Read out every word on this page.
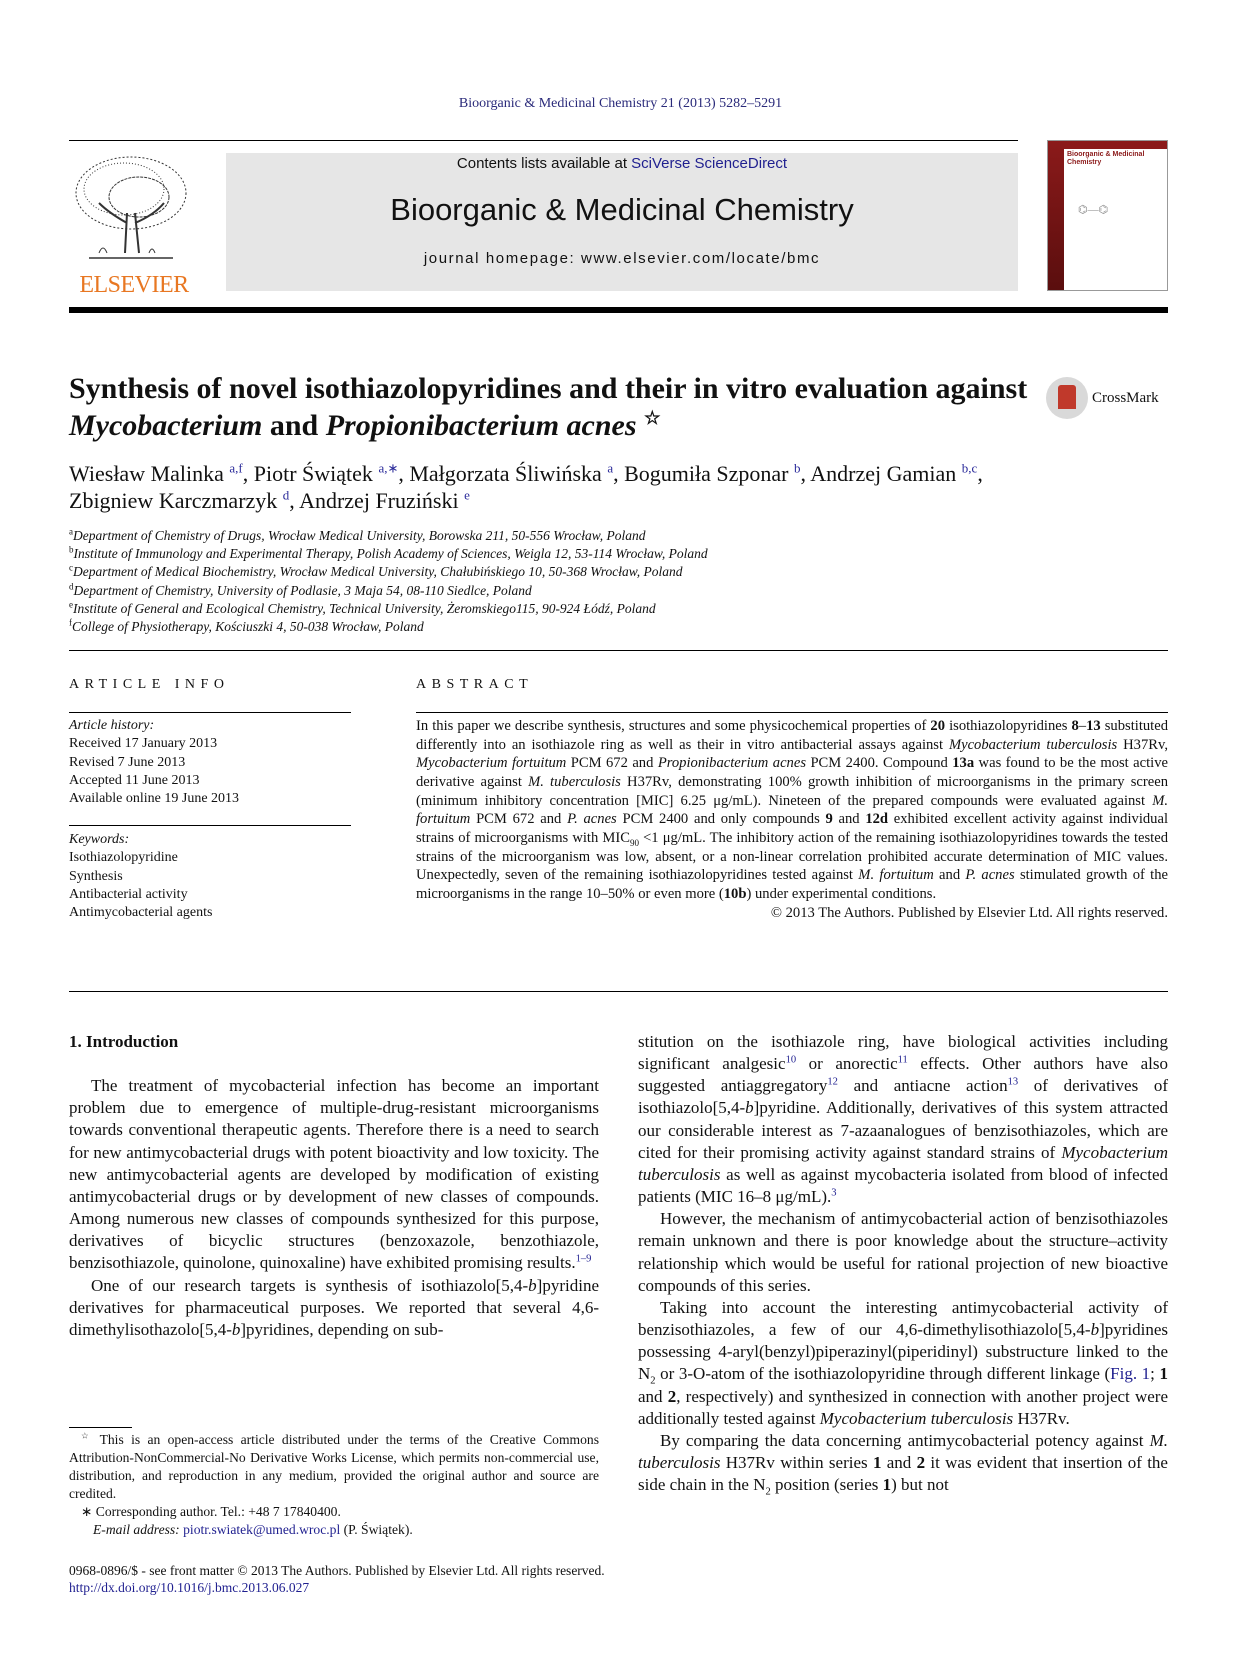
Bioorganic & Medicinal Chemistry 21 (2013) 5282–5291
ELSEVIER
Contents lists available at SciVerse ScienceDirect
Bioorganic & Medicinal Chemistry
journal homepage: www.elsevier.com/locate/bmc
Bioorganic & Medicinal Chemistry
⌬—⌬
Synthesis of novel isothiazolopyridines and their in vitro evaluation against Mycobacterium and Propionibacterium acnes ☆
CrossMark
Wiesław Malinka $^{a,f}$, Piotr Świątek $^{a,∗}$, Małgorzata Śliwińska $^a$, Bogumiła Szponar $^b$, Andrzej Gamian $^{b,c}$,
Zbigniew Karczmarzyk $^d$, Andrzej Fruziński $^e$
$^a$Department of Chemistry of Drugs, Wrocław Medical University, Borowska 211, 50-556 Wrocław, Poland
$^b$Institute of Immunology and Experimental Therapy, Polish Academy of Sciences, Weigla 12, 53-114 Wrocław, Poland
$^c$Department of Medical Biochemistry, Wrocław Medical University, Chałubińskiego 10, 50-368 Wrocław, Poland
$^d$Department of Chemistry, University of Podlasie, 3 Maja 54, 08-110 Siedlce, Poland
$^e$Institute of General and Ecological Chemistry, Technical University, Żeromskiego115, 90-924 Łódź, Poland
$^f$College of Physiotherapy, Kościuszki 4, 50-038 Wrocław, Poland
ARTICLE INFO	ABSTRACT
Article history:
Received 17 January 2013
Revised 7 June 2013
Accepted 11 June 2013
Available online 19 June 2013
Keywords:
Isothiazolopyridine
Synthesis
Antibacterial activity
Antimycobacterial agents
In this paper we describe synthesis, structures and some physicochemical properties of 20 isothiazolopyridines 8–13 substituted differently into an isothiazole ring as well as their in vitro antibacterial assays against Mycobacterium tuberculosis H37Rv, Mycobacterium fortuitum PCM 672 and Propionibacterium acnes PCM 2400. Compound 13a was found to be the most active derivative against M. tuberculosis H37Rv, demonstrating 100% growth inhibition of microorganisms in the primary screen (minimum inhibitory concentration [MIC] 6.25 μg/mL). Nineteen of the prepared compounds were evaluated against M. fortuitum PCM 672 and P. acnes PCM 2400 and only compounds 9 and 12d exhibited excellent activity against individual strains of microorganisms with $MIC_{90} <1$ μg/mL. The inhibitory action of the remaining isothiazolopyridines towards the tested strains of the microorganism was low, absent, or a non-linear correlation prohibited accurate determination of MIC values. Unexpectedly, seven of the remaining isothiazolopyridines tested against M. fortuitum and P. acnes stimulated growth of the microorganisms in the range 10–50% or even more (10b) under experimental conditions.
© 2013 The Authors. Published by Elsevier Ltd. All rights reserved.
1. Introduction

The treatment of mycobacterial infection has become an important problem due to emergence of multiple-drug-resistant microorganisms towards conventional therapeutic agents. Therefore there is a need to search for new antimycobacterial drugs with potent bioactivity and low toxicity. The new antimycobacterial agents are developed by modification of existing antimycobacterial drugs or by development of new classes of compounds. Among numerous new classes of compounds synthesized for this purpose, derivatives of bicyclic structures (benzoxazole, benzothiazole, benzisothiazole, quinolone, quinoxaline) have exhibited promising results.$^{1-9}$

One of our research targets is synthesis of isothiazolo[5,4-b]pyridine derivatives for pharmaceutical purposes. We reported that several 4,6-dimethylisothazolo[5,4-b]pyridines, depending on sub-

stitution on the isothiazole ring, have biological activities including significant analgesic$^{10}$ or anorectic$^{11}$ effects. Other authors have also suggested antiaggregatory$^{12}$ and antiacne action$^{13}$ of derivatives of isothiazolo[5,4-b]pyridine. Additionally, derivatives of this system attracted our considerable interest as 7-azaanalogues of benzisothiazoles, which are cited for their promising activity against standard strains of Mycobacterium tuberculosis as well as against mycobacteria isolated from blood of infected patients (MIC 16–8 μg/mL).$^3$

However, the mechanism of antimycobacterial action of benzisothiazoles remain unknown and there is poor knowledge about the structure–activity relationship which would be useful for rational projection of new bioactive compounds of this series.

Taking into account the interesting antimycobacterial activity of benzisothiazoles, a few of our 4,6-dimethylisothiazolo[5,4-b]pyridines possessing 4-aryl(benzyl)piperazinyl(piperidinyl) substructure linked to the $N_2$ or 3-O-atom of the isothiazolopyridine through different linkage (Fig. 1; 1 and 2, respectively) and synthesized in connection with another project were additionally tested against Mycobacterium tuberculosis H37Rv.

By comparing the data concerning antimycobacterial potency against M. tuberculosis H37Rv within series 1 and 2 it was evident that insertion of the side chain in the $N_2$ position (series 1) but not

☆ This is an open-access article distributed under the terms of the Creative Commons Attribution-NonCommercial-No Derivative Works License, which permits non-commercial use, distribution, and reproduction in any medium, provided the original author and source are credited.

∗ Corresponding author. Tel.: +48 7 17840400.

E-mail address: piotr.swiatek@umed.wroc.pl (P. Świątek).

0968-0896/$ - see front matter © 2013 The Authors. Published by Elsevier Ltd. All rights reserved.
http://dx.doi.org/10.1016/j.bmc.2013.06.027
